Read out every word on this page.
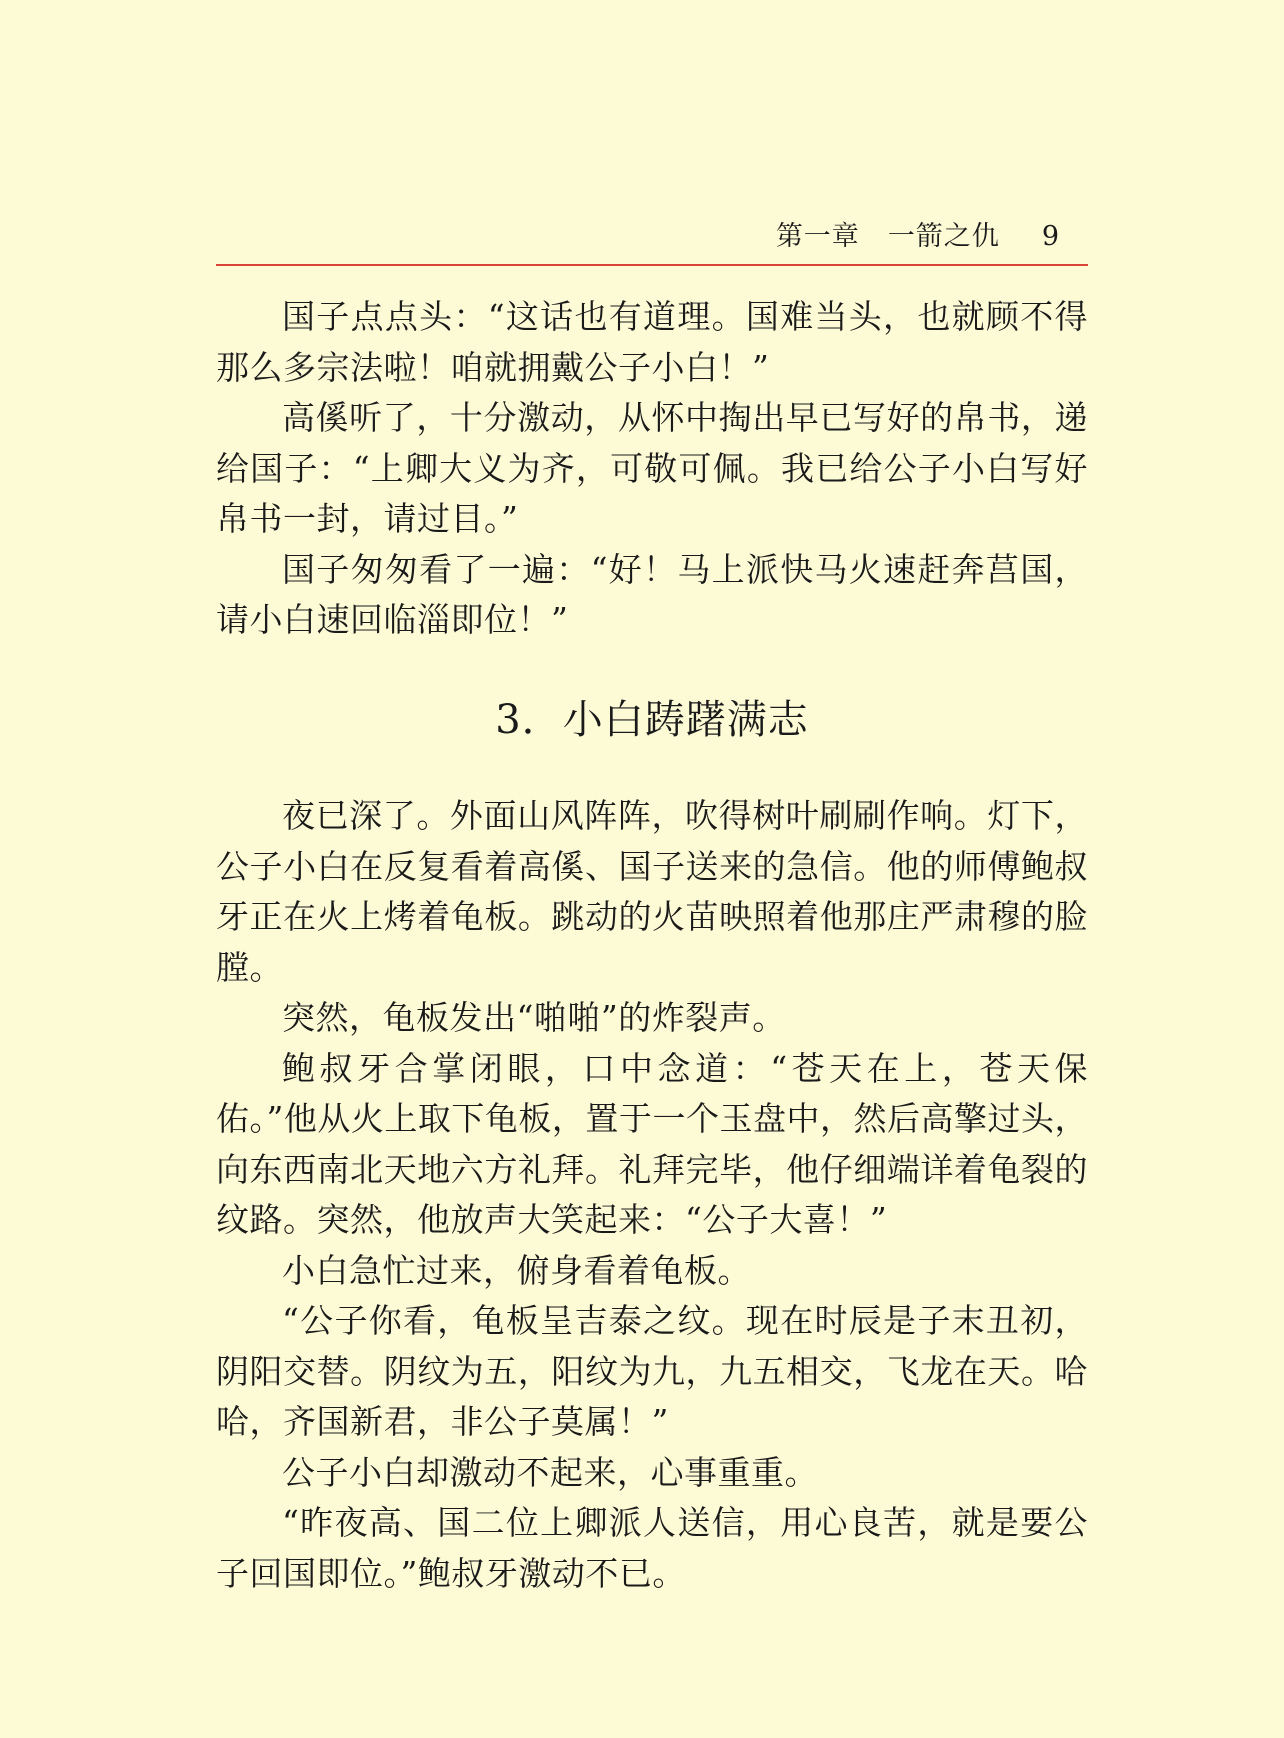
第一章 一箭之仇 9

国子点点头：“这话也有道理。国难当头，也就顾不得那么多宗法啦！咱就拥戴公子小白！”

高傒听了，十分激动，从怀中掏出早已写好的帛书，递给国子：“上卿大义为齐，可敬可佩。我已给公子小白写好帛书一封，请过目。”

国子匆匆看了一遍：“好！马上派快马火速赶奔莒国，请小白速回临淄即位！”

3．小白踌躇满志

夜已深了。外面山风阵阵，吹得树叶刷刷作响。灯下，公子小白在反复看着高傒、国子送来的急信。他的师傅鲍叔牙正在火上烤着龟板。跳动的火苗映照着他那庄严肃穆的脸膛。

突然，龟板发出“啪啪”的炸裂声。

鲍叔牙合掌闭眼，口中念道：“苍天在上，苍天保佑。”他从火上取下龟板，置于一个玉盘中，然后高擎过头，向东西南北天地六方礼拜。礼拜完毕，他仔细端详着龟裂的纹路。突然，他放声大笑起来：“公子大喜！”

小白急忙过来，俯身看着龟板。

“公子你看，龟板呈吉泰之纹。现在时辰是子末丑初，阴阳交替。阴纹为五，阳纹为九，九五相交，飞龙在天。哈哈，齐国新君，非公子莫属！”

公子小白却激动不起来，心事重重。

“昨夜高、国二位上卿派人送信，用心良苦，就是要公子回国即位。”鲍叔牙激动不已。
